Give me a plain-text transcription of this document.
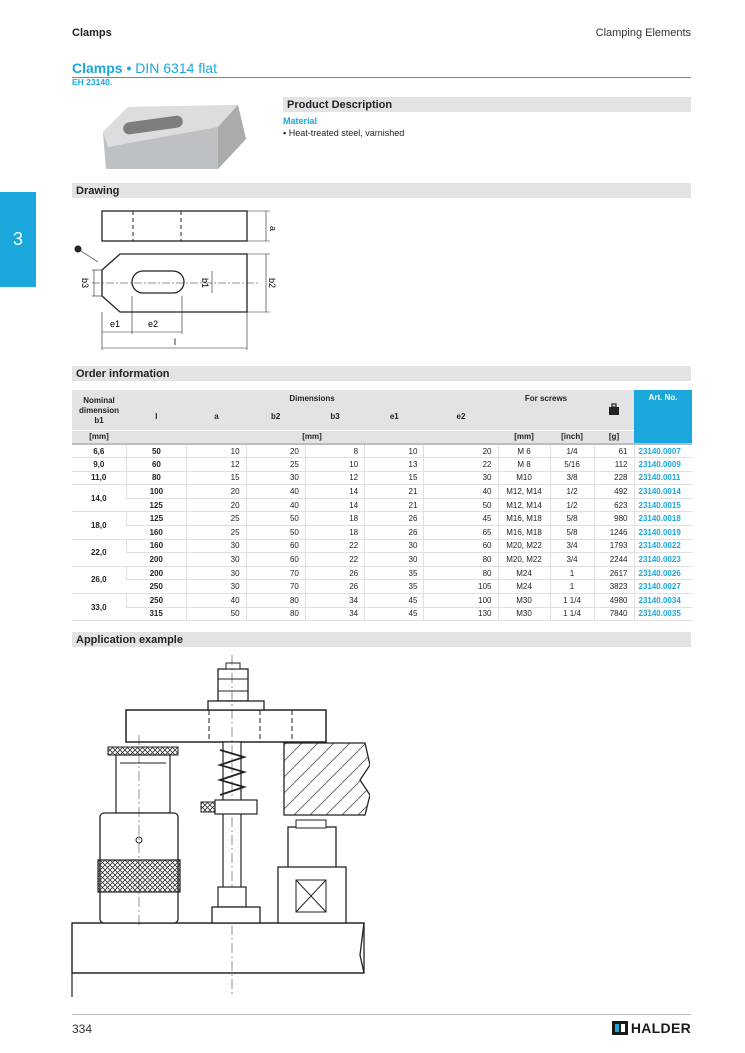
Clamps	Clamping Elements
3
Clamps • DIN 6314 flat
EH 23140.
Product Description
Material
▪ Heat-treated steel, varnished
Drawing
a
b2
b1
b3
e1	e2
l
Order information
Nominal
dimension
b1	Dimensions						For screws			Art. No.
	l	a	b2	b3	e1	e2				
[mm]	[mm]						[mm]	[inch]	[g]	
6,6	50	10	20	8	10	20	M 6	1/4	61	23140.0007
9,0	60	12	25	10	13	22	M 8	5/16	112	23140.0009
11,0	80	15	30	12	15	30	M10	3/8	228	23140.0011
14,0	100	20	40	14	21	40	M12, M14	1/2	492	23140.0014
	125	20	40	14	21	50	M12, M14	1/2	623	23140.0015
18,0	125	25	50	18	26	45	M16, M18	5/8	980	23140.0018
	160	25	50	18	26	65	M16, M18	5/8	1246	23140.0019
22,0	160	30	60	22	30	60	M20, M22	3/4	1793	23140.0022
	200	30	60	22	30	80	M20, M22	3/4	2244	23140.0023
26,0	200	30	70	26	35	80	M24	1	2617	23140.0026
	250	30	70	26	35	105	M24	1	3823	23140.0027
33,0	250	40	80	34	45	100	M30	1 1/4	4980	23140.0034
	315	50	80	34	45	130	M30	1 1/4	7840	23140.0035
Application example
334	HALDER
